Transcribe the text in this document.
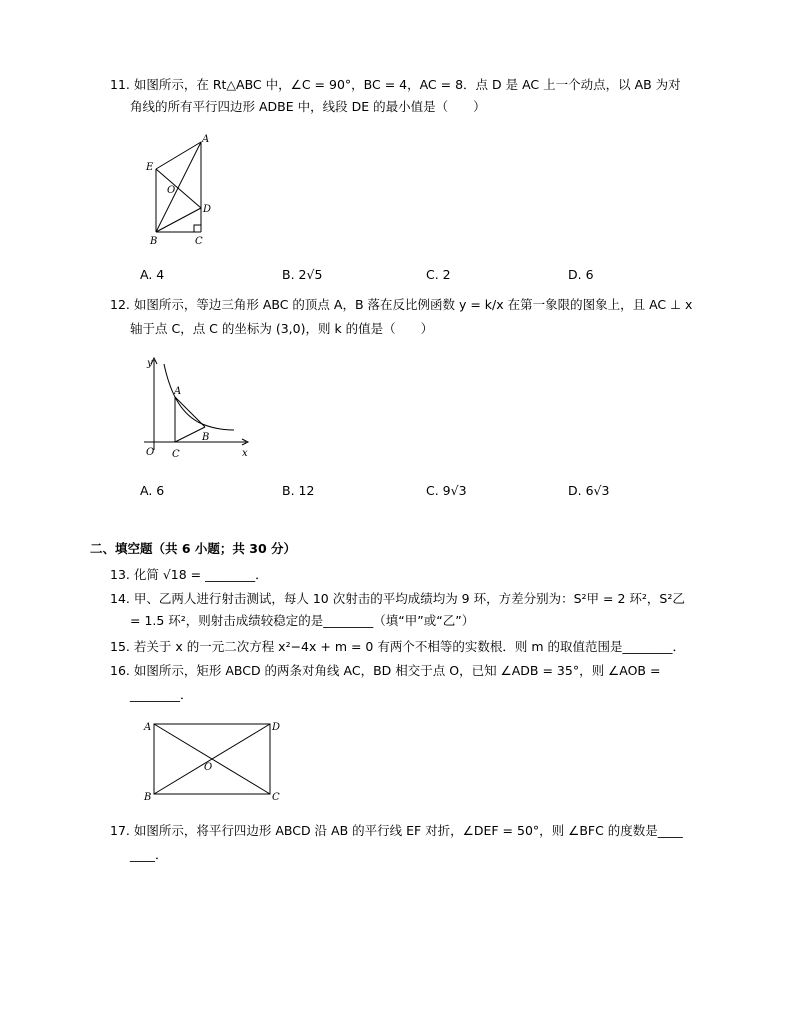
11. 如图所示，在 Rt△ABC 中，∠C = 90°，BC = 4，AC = 8．点 D 是 AC 上一个动点，以 AB 为对
角线的所有平行四边形 ADBE 中，线段 DE 的最小值是（　　）
A
E
O
D
B	C
A. 4	B. 2√5	C. 2	D. 6
12. 如图所示，等边三角形 ABC 的顶点 A，B 落在反比例函数 y = k/x 在第一象限的图象上，且 AC ⊥ x
轴于点 C，点 C 的坐标为 (3,0)，则 k 的值是（　　）
y
x
O
A
B
C
A. 6	B. 12	C. 9√3	D. 6√3
二、填空题（共 6 小题；共 30 分）
13. 化简 √18 = ________．
14. 甲、乙两人进行射击测试，每人 10 次射击的平均成绩均为 9 环，方差分别为：S²甲 = 2 环²，S²乙
= 1.5 环²，则射击成绩较稳定的是________（填“甲”或“乙”）
15. 若关于 x 的一元二次方程 x²−4x + m = 0 有两个不相等的实数根．则 m 的取值范围是________．
16. 如图所示，矩形 ABCD 的两条对角线 AC，BD 相交于点 O，已知 ∠ADB = 35°，则 ∠AOB =
________．
A	D
O
B	C
17. 如图所示，将平行四边形 ABCD 沿 AB 的平行线 EF 对折，∠DEF = 50°，则 ∠BFC 的度数是____
____．
